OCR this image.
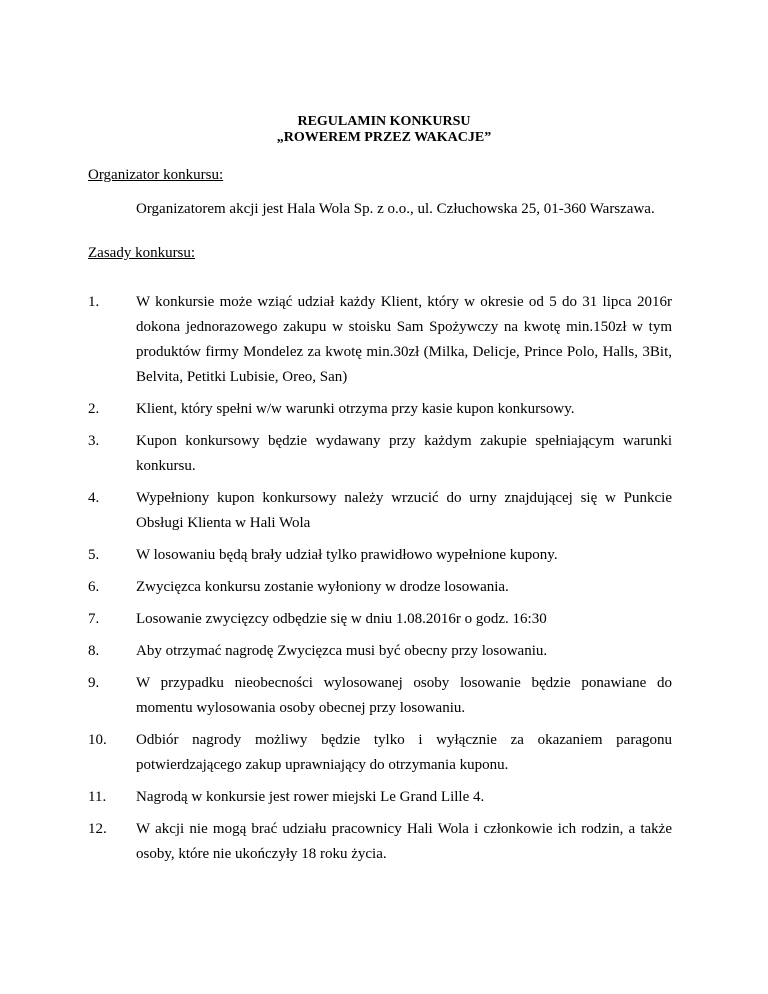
REGULAMIN KONKURSU
„ROWEREM PRZEZ WAKACJE”
Organizator konkursu:
Organizatorem akcji jest Hala Wola Sp. z o.o., ul. Człuchowska 25, 01-360 Warszawa.
Zasady konkursu:
1. W konkursie może wziąć udział każdy Klient, który w okresie od 5 do 31 lipca 2016r dokona jednorazowego zakupu w stoisku Sam Spożywczy na kwotę min.150zł w tym produktów firmy Mondelez za kwotę min.30zł (Milka, Delicje, Prince Polo, Halls, 3Bit, Belvita, Petitki Lubisie, Oreo, San)
2. Klient, który spełni w/w warunki otrzyma przy kasie kupon konkursowy.
3. Kupon konkursowy będzie wydawany przy każdym zakupie spełniającym warunki konkursu.
4. Wypełniony kupon konkursowy należy wrzucić do urny znajdującej się w Punkcie Obsługi Klienta w Hali Wola
5. W losowaniu będą brały udział tylko prawidłowo wypełnione kupony.
6. Zwycięzca konkursu zostanie wyłoniony w drodze losowania.
7. Losowanie zwycięzcy odbędzie się w dniu 1.08.2016r o godz. 16:30
8. Aby otrzymać nagrodę Zwycięzca musi być obecny przy losowaniu.
9. W przypadku nieobecności wylosowanej osoby losowanie będzie ponawiane do momentu wylosowania osoby obecnej przy losowaniu.
10. Odbiór nagrody możliwy będzie tylko i wyłącznie za okazaniem paragonu potwierdzającego zakup uprawniający do otrzymania kuponu.
11. Nagrodą w konkursie jest rower miejski Le Grand Lille 4.
12. W akcji nie mogą brać udziału pracownicy Hali Wola i członkowie ich rodzin, a także osoby, które nie ukończyły 18 roku życia.
